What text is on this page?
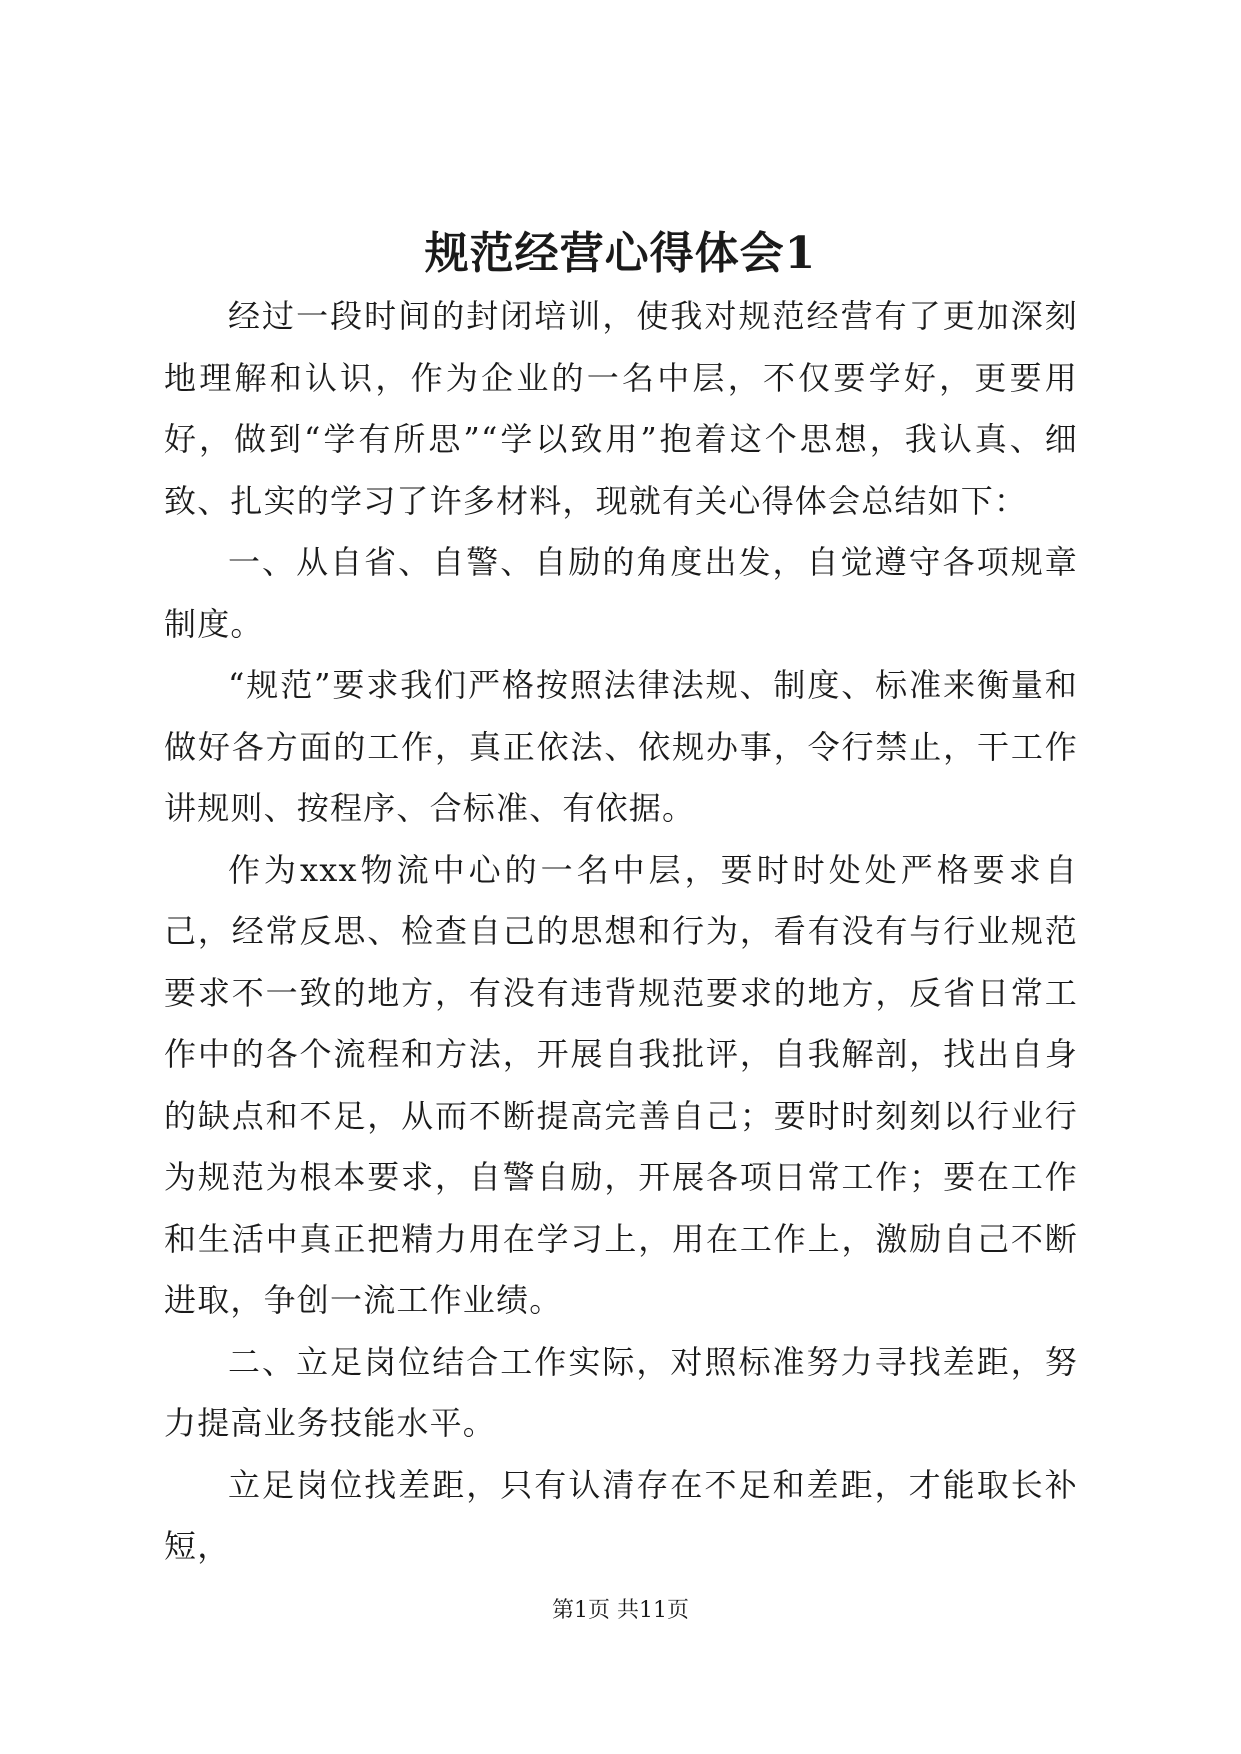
规范经营心得体会1

经过一段时间的封闭培训，使我对规范经营有了更加深刻地理解和认识，作为企业的一名中层，不仅要学好，更要用好，做到“学有所思”“学以致用”抱着这个思想，我认真、细致、扎实的学习了许多材料，现就有关心得体会总结如下：

一、从自省、自警、自励的角度出发，自觉遵守各项规章制度。

“规范”要求我们严格按照法律法规、制度、标准来衡量和做好各方面的工作，真正依法、依规办事，令行禁止，干工作讲规则、按程序、合标准、有依据。

作为xxx物流中心的一名中层，要时时处处严格要求自己，经常反思、检查自己的思想和行为，看有没有与行业规范要求不一致的地方，有没有违背规范要求的地方，反省日常工作中的各个流程和方法，开展自我批评，自我解剖，找出自身的缺点和不足，从而不断提高完善自己；要时时刻刻以行业行为规范为根本要求，自警自励，开展各项日常工作；要在工作和生活中真正把精力用在学习上，用在工作上，激励自己不断进取，争创一流工作业绩。

二、立足岗位结合工作实际，对照标准努力寻找差距，努力提高业务技能水平。

立足岗位找差距，只有认清存在不足和差距，才能取长补短，

第1页 共11页
